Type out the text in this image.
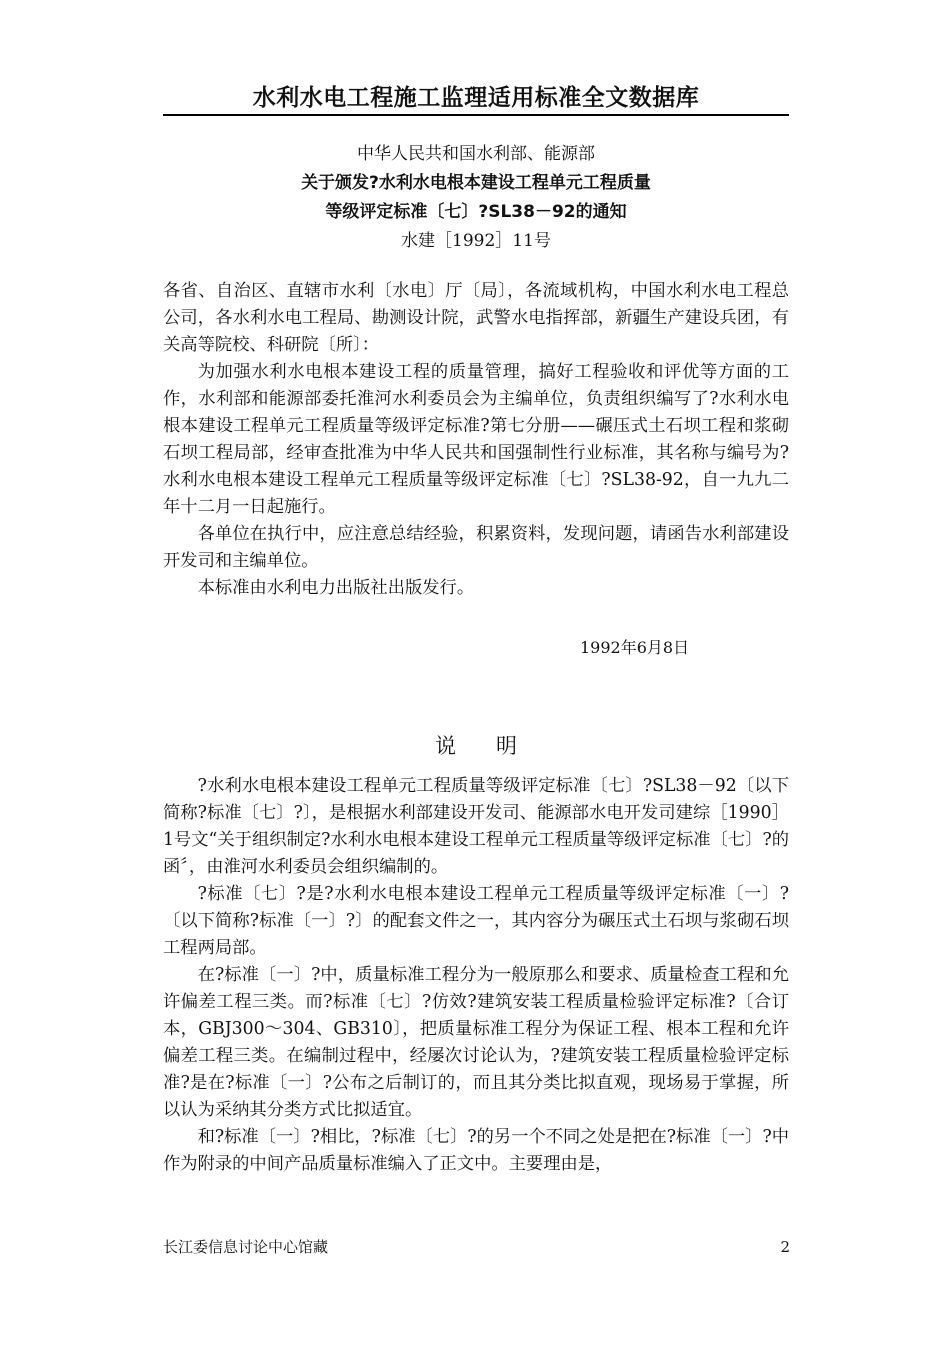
水利水电工程施工监理适用标准全文数据库
中华人民共和国水利部、能源部
关于颁发?水利水电根本建设工程单元工程质量
等级评定标准〔七〕?SL38－92的通知
水建［1992］11号

各省、自治区、直辖市水利〔水电〕厅〔局〕，各流域机构，中国水利水电工程总公司，各水利水电工程局、勘测设计院，武警水电指挥部，新疆生产建设兵团，有关高等院校、科研院〔所〕：

为加强水利水电根本建设工程的质量管理，搞好工程验收和评优等方面的工作，水利部和能源部委托淮河水利委员会为主编单位，负责组织编写了?水利水电根本建设工程单元工程质量等级评定标准?第七分册——碾压式土石坝工程和浆砌石坝工程局部，经审查批准为中华人民共和国强制性行业标准，其名称与编号为?水利水电根本建设工程单元工程质量等级评定标准〔七〕?SL38-92，自一九九二年十二月一日起施行。

各单位在执行中，应注意总结经验，积累资料，发现问题，请函告水利部建设开发司和主编单位。

本标准由水利电力出版社出版发行。

1992年6月8日
说明

?水利水电根本建设工程单元工程质量等级评定标准〔七〕?SL38－92〔以下简称?标准〔七〕?〕，是根据水利部建设开发司、能源部水电开发司建综［1990］1号文“关于组织制定?水利水电根本建设工程单元工程质量等级评定标准〔七〕?的函〞，由淮河水利委员会组织编制的。

?标准〔七〕?是?水利水电根本建设工程单元工程质量等级评定标准〔一〕?〔以下简称?标准〔一〕?〕的配套文件之一，其内容分为碾压式土石坝与浆砌石坝工程两局部。

在?标准〔一〕?中，质量标准工程分为一般原那么和要求、质量检查工程和允许偏差工程三类。而?标准〔七〕?仿效?建筑安装工程质量检验评定标准?〔合订本，GBJ300～304、GB310〕，把质量标准工程分为保证工程、根本工程和允许偏差工程三类。在编制过程中，经屡次讨论认为，?建筑安装工程质量检验评定标准?是在?标准〔一〕?公布之后制订的，而且其分类比拟直观，现场易于掌握，所以认为采纳其分类方式比拟适宜。

和?标准〔一〕?相比，?标准〔七〕?的另一个不同之处是把在?标准〔一〕?中作为附录的中间产品质量标准编入了正文中。主要理由是，

长江委信息讨论中心馆藏	2
